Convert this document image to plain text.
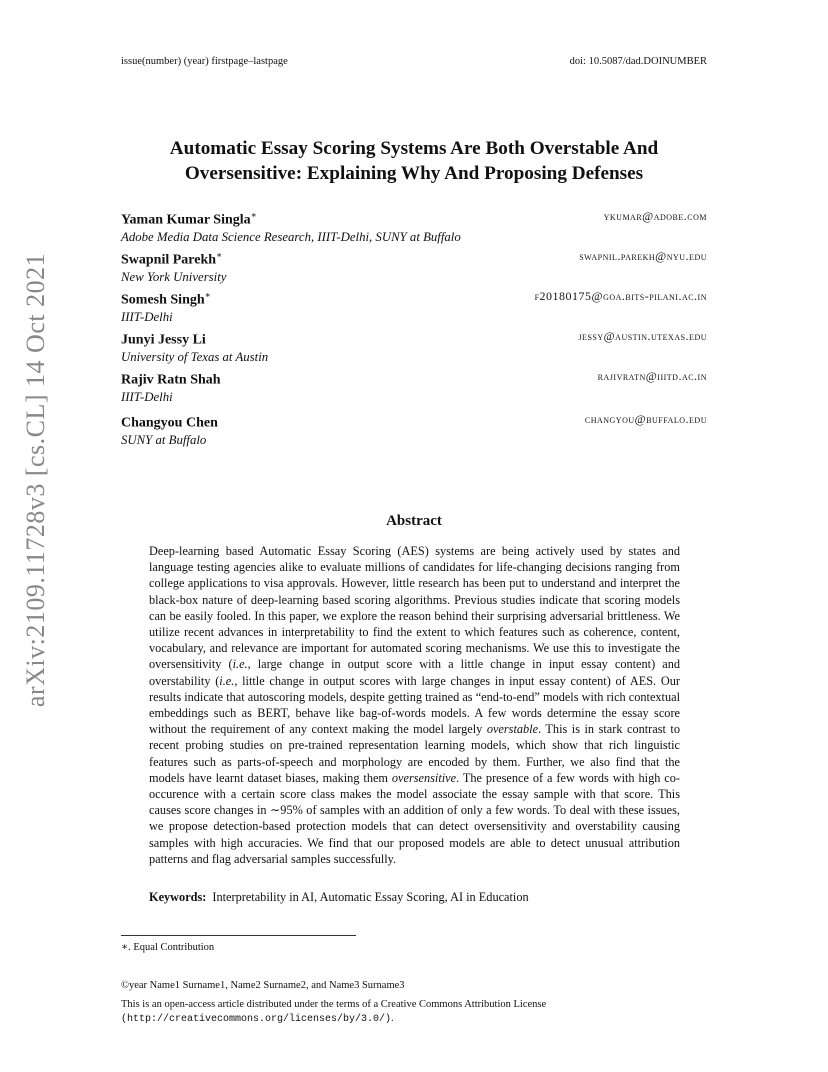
issue(number) (year) firstpage–lastpage	doi: 10.5087/dad.DOINUMBER
arXiv:2109.11728v3 [cs.CL] 14 Oct 2021
Automatic Essay Scoring Systems Are Both Overstable And
Oversensitive: Explaining Why And Proposing Defenses
Yaman Kumar Singla∗
Adobe Media Data Science Research, IIIT-Delhi, SUNY at Buffalo
ykumar@adobe.com
Swapnil Parekh∗
New York University
swapnil.parekh@nyu.edu
Somesh Singh∗
IIIT-Delhi
f20180175@goa.bits-pilani.ac.in
Junyi Jessy Li
University of Texas at Austin
jessy@austin.utexas.edu
Rajiv Ratn Shah
IIIT-Delhi
rajivratn@iiitd.ac.in
Changyou Chen
SUNY at Buffalo
changyou@buffalo.edu
Abstract

Deep-learning based Automatic Essay Scoring (AES) systems are being actively used by states and language testing agencies alike to evaluate millions of candidates for life-changing decisions ranging from college applications to visa approvals. However, little research has been put to understand and interpret the black-box nature of deep-learning based scoring algorithms. Previous studies indicate that scoring models can be easily fooled. In this paper, we explore the reason behind their surprising adversarial brittleness. We utilize recent advances in interpretability to find the extent to which features such as coherence, content, vocabulary, and relevance are important for automated scoring mechanisms. We use this to investigate the oversensitivity (i.e., large change in output score with a little change in input essay content) and overstability (i.e., little change in output scores with large changes in input essay content) of AES. Our results indicate that autoscoring models, despite getting trained as “end-to-end” models with rich contextual embeddings such as BERT, behave like bag-of-words models. A few words determine the essay score without the requirement of any context making the model largely overstable. This is in stark contrast to recent probing studies on pre-trained representation learning models, which show that rich linguistic features such as parts-of-speech and morphology are encoded by them. Further, we also find that the models have learnt dataset biases, making them oversensitive. The presence of a few words with high co-occurence with a certain score class makes the model associate the essay sample with that score. This causes score changes in ∼95% of samples with an addition of only a few words. To deal with these issues, we propose detection-based protection models that can detect oversensitivity and overstability causing samples with high accuracies. We find that our proposed models are able to detect unusual attribution patterns and flag adversarial samples successfully.

Keywords: Interpretability in AI, Automatic Essay Scoring, AI in Education
∗. Equal Contribution
©year Name1 Surname1, Name2 Surname2, and Name3 Surname3
This is an open-access article distributed under the terms of a Creative Commons Attribution License
(http://creativecommons.org/licenses/by/3.0/).
